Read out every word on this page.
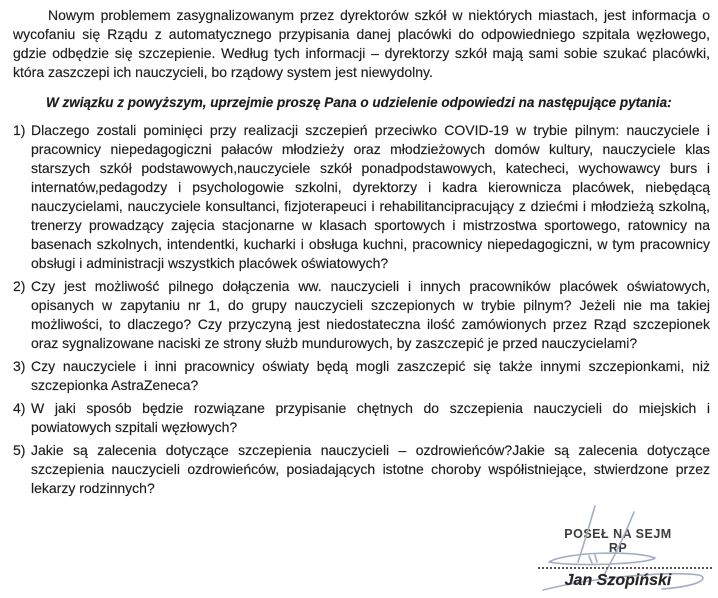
Nowym problemem zasygnalizowanym przez dyrektorów szkół w niektórych miastach, jest informacja o wycofaniu się Rządu z automatycznego przypisania danej placówki do odpowiedniego szpitala węzłowego, gdzie odbędzie się szczepienie. Według tych informacji – dyrektorzy szkół mają sami sobie szukać placówki, która zaszczepi ich nauczycieli, bo rządowy system jest niewydolny.

W związku z powyższym, uprzejmie proszę Pana o udzielenie odpowiedzi na następujące pytania:

1) Dlaczego zostali pominięci przy realizacji szczepień przeciwko COVID-19 w trybie pilnym: nauczyciele i pracownicy niepedagogiczni pałaców młodzieży oraz młodzieżowych domów kultury, nauczyciele klas starszych szkół podstawowych,nauczyciele szkół ponadpodstawowych, katecheci, wychowawcy burs i internatów,pedagodzy i psychologowie szkolni, dyrektorzy i kadra kierownicza placówek, niebędącą nauczycielami, nauczyciele konsultanci, fizjoterapeuci i rehabilitancipracujący z dziećmi i młodzieżą szkolną, trenerzy prowadzący zajęcia stacjonarne w klasach sportowych i mistrzostwa sportowego, ratownicy na basenach szkolnych, intendentki, kucharki i obsługa kuchni, pracownicy niepedagogiczni, w tym pracownicy obsługi i administracji wszystkich placówek oświatowych?
2) Czy jest możliwość pilnego dołączenia ww. nauczycieli i innych pracowników placówek oświatowych, opisanych w zapytaniu nr 1, do grupy nauczycieli szczepionych w trybie pilnym? Jeżeli nie ma takiej możliwości, to dlaczego? Czy przyczyną jest niedostateczna ilość zamówionych przez Rząd szczepionek oraz sygnalizowane naciski ze strony służb mundurowych, by zaszczepić je przed nauczycielami?
3) Czy nauczyciele i inni pracownicy oświaty będą mogli zaszczepić się także innymi szczepionkami, niż szczepionka AstraZeneca?
4) W jaki sposób będzie rozwiązane przypisanie chętnych do szczepienia nauczycieli do miejskich i powiatowych szpitali węzłowych?
5) Jakie są zalecenia dotyczące szczepienia nauczycieli – ozdrowieńców?Jakie są zalecenia dotyczące szczepienia nauczycieli ozdrowieńców, posiadających istotne choroby współistniejące, stwierdzone przez lekarzy rodzinnych?
POSEŁ NA SEJM RP
Jan Szopiński
